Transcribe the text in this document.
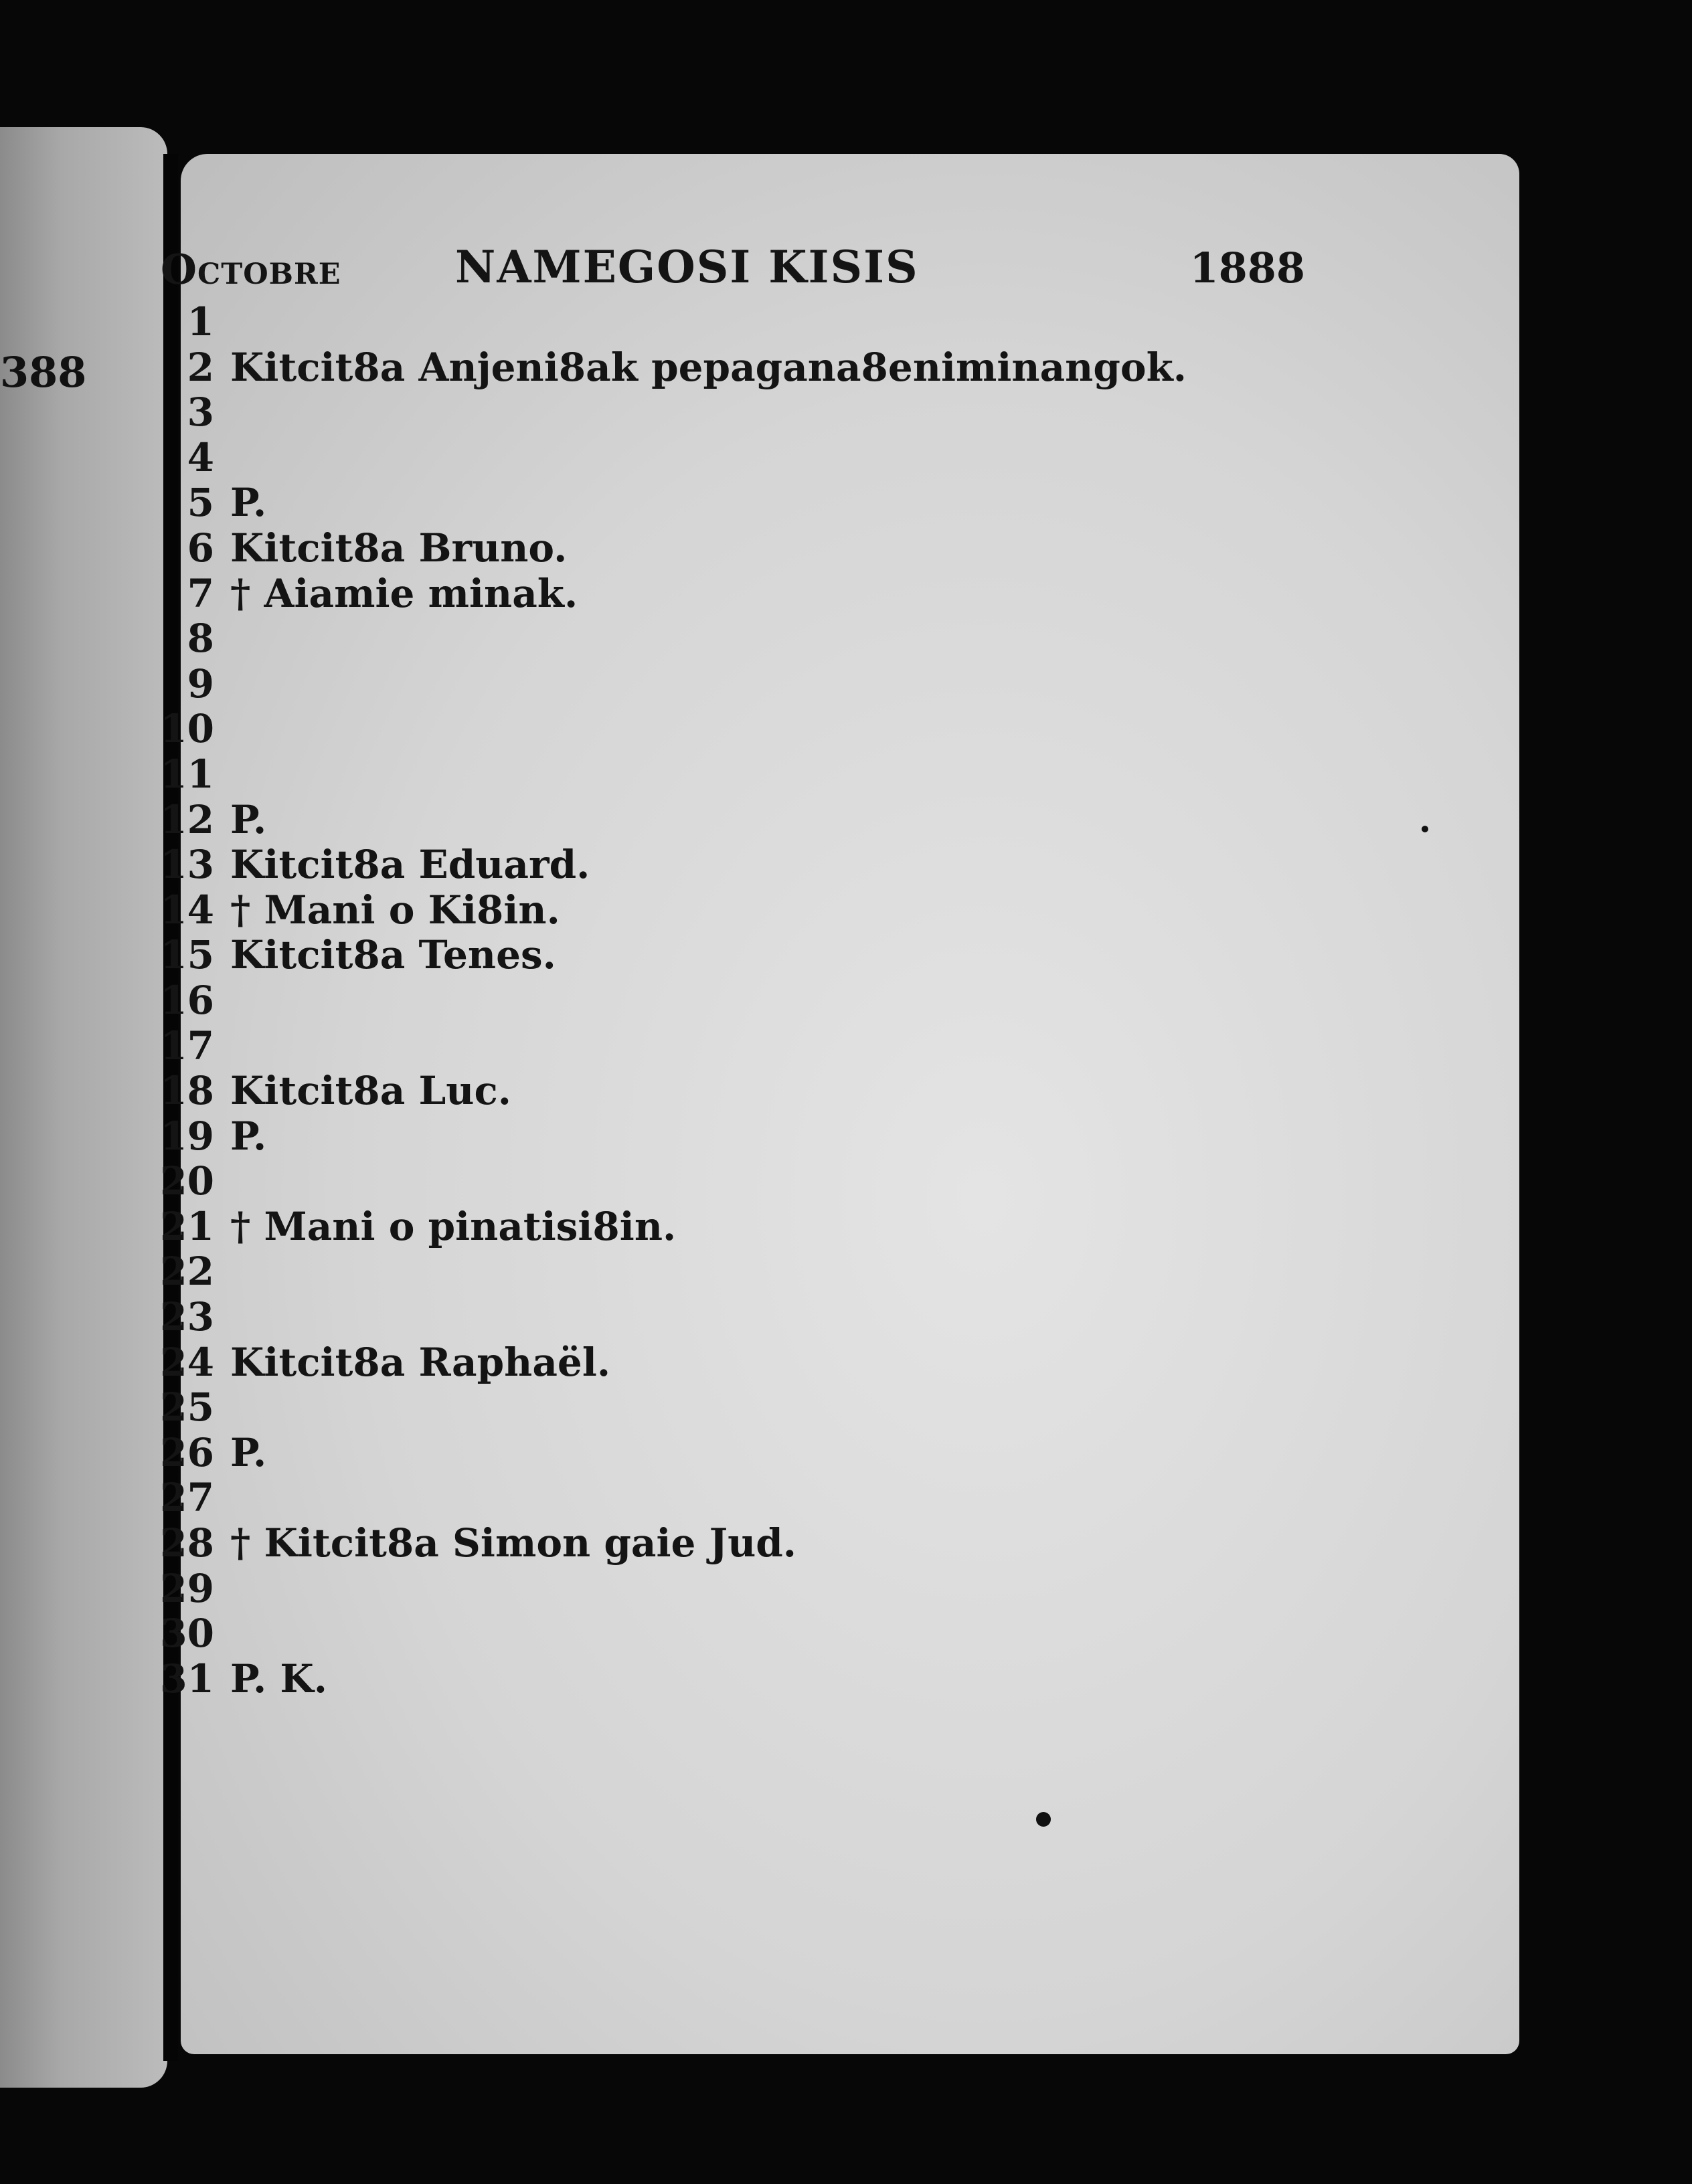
388
Octobre	NAMEGOSI KISIS	1888
1
2 Kitcit8a Anjeni8ak pepagana8eniminangok.
3
4
5 P.
6 Kitcit8a Bruno.
7 † Aiamie minak.
8
9
10
11
12 P.
13 Kitcit8a Eduard.
14 † Mani o Ki8in.
15 Kitcit8a Tenes.
16
17
18 Kitcit8a Luc.
19 P.
20
21 † Mani o pinatisi8in.
22
23
24 Kitcit8a Raphaël.
25
26 P.
27
28 † Kitcit8a Simon gaie Jud.
29
30
31 P. K.
